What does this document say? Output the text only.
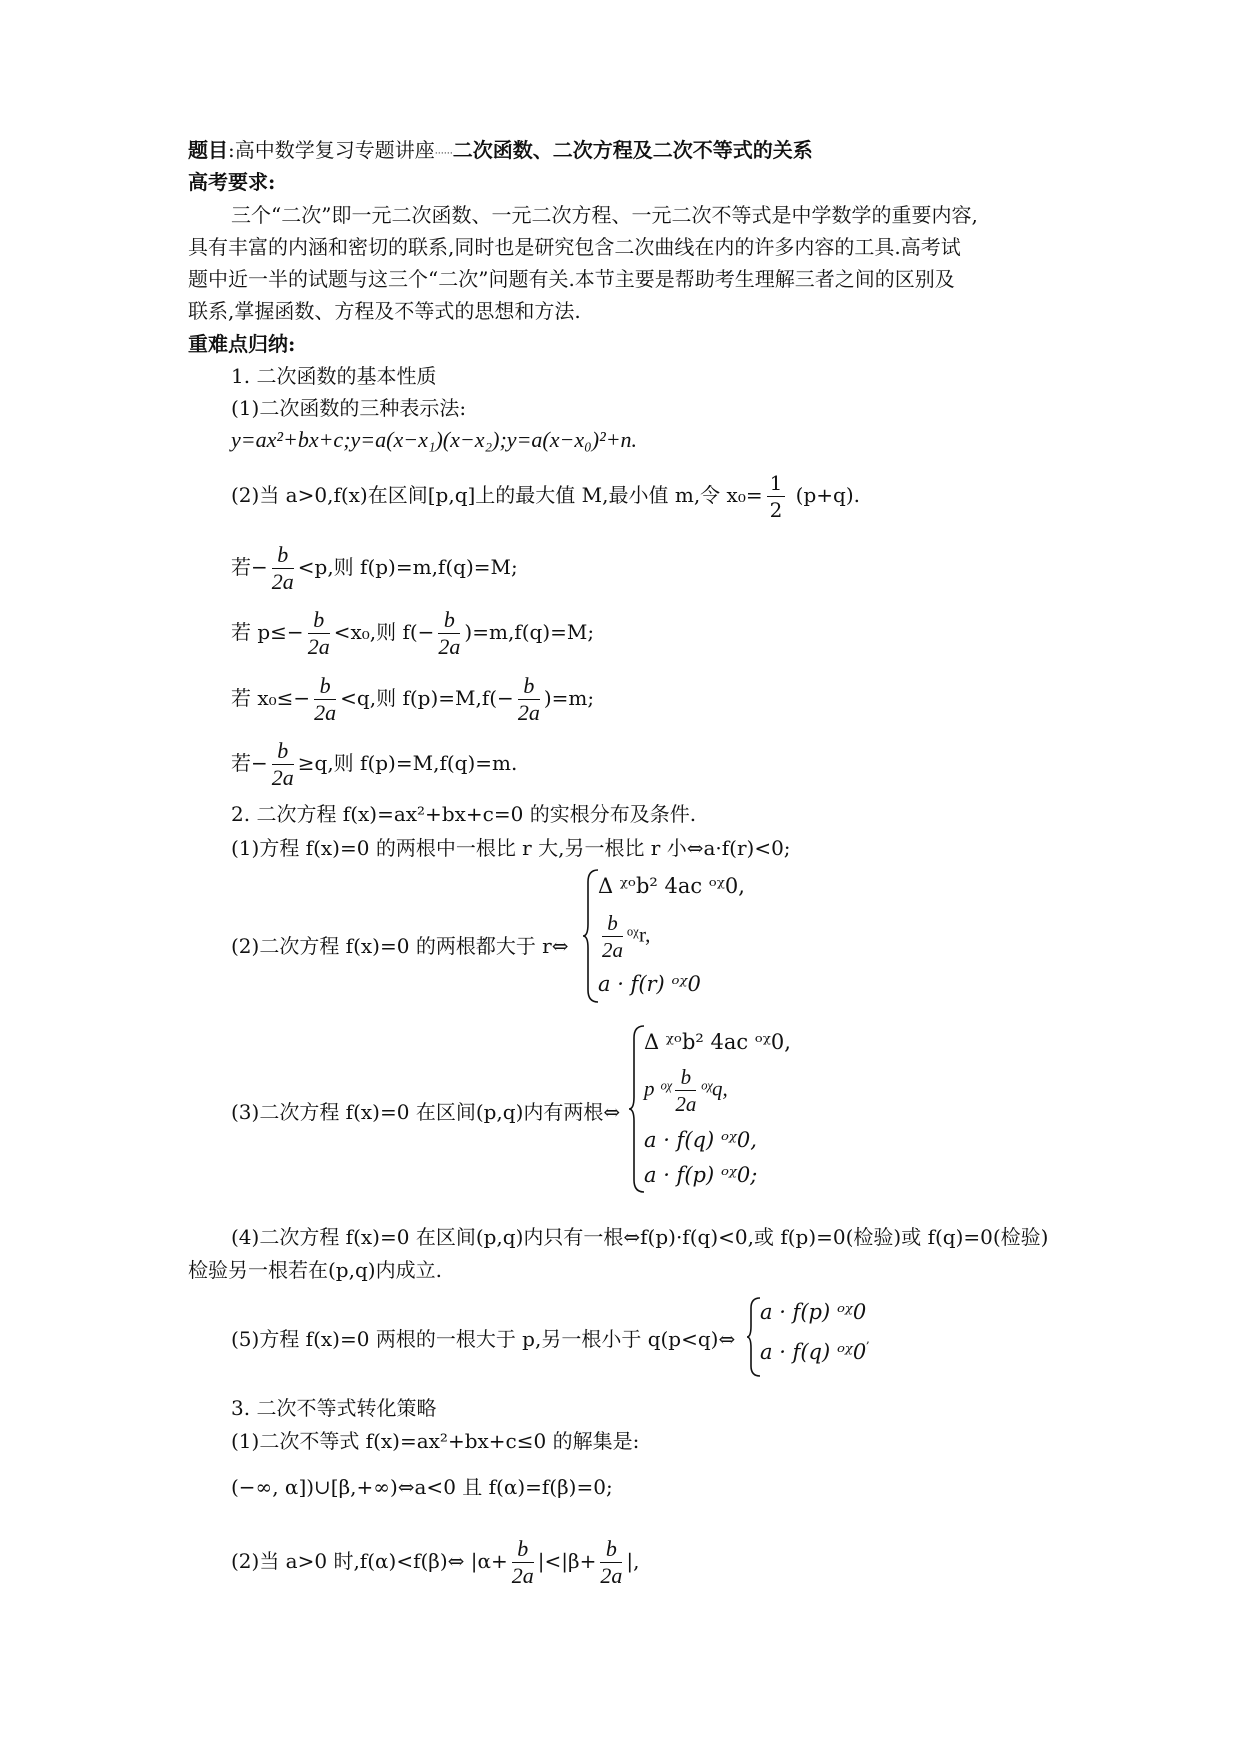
题目:高中数学复习专题讲座……二次函数、二次方程及二次不等式的关系
高考要求:
三个“二次”即一元二次函数、一元二次方程、一元二次不等式是中学数学的重要内容,
具有丰富的内涵和密切的联系,同时也是研究包含二次曲线在内的许多内容的工具.高考试
题中近一半的试题与这三个“二次”问题有关.本节主要是帮助考生理解三者之间的区别及
联系,掌握函数、方程及不等式的思想和方法.
重难点归纳:
1. 二次函数的基本性质
(1)二次函数的三种表示法:
y=ax²+bx+c;y=a(x−x₁)(x−x₂);y=a(x−x₀)²+n.
(2)当 a>0,f(x)在区间[p,q]上的最大值 M,最小值 m,令 $x_0= \frac{1}{2} (p+q)$.
若− $\frac{b}{2a} <p$,则 f(p)=m,f(q)=M;
若 $p\le- \frac{b}{2a} <x_0$,则 $f(- \frac{b}{2a} )=m,f(q)=M$;
若 $x_0\le- \frac{b}{2a} <q$,则 $f(p)=M,f(- \frac{b}{2a} )=m$;
若− $\frac{b}{2a} \ge q$,则 f(p)=M,f(q)=m.
2. 二次方程 f(x)=ax²+bx+c=0 的实根分布及条件.
(1)方程 f(x)=0 的两根中一根比 r 大,另一根比 r 小⇔a·f(r)<0;
(2)二次方程 f(x)=0 的两根都大于 r⇔
Δ ᵡᵒb² 4ac ᵒᵡ0,
$\frac{b}{2a}$ ᵒᵡr,
a · f(r) ᵒᵡ0
(3)二次方程 f(x)=0 在区间(p,q)内有两根⇔
Δ ᵡᵒb² 4ac ᵒᵡ0,
p ᵒᵡ $\frac{b}{2a}$ ᵒᵡq,
a · f(q) ᵒᵡ0,
a · f(p) ᵒᵡ0;
(4)二次方程 f(x)=0 在区间(p,q)内只有一根⇔f(p)·f(q)<0,或 f(p)=0(检验)或 f(q)=0(检验)
检验另一根若在(p,q)内成立.
(5)方程 f(x)=0 两根的一根大于 p,另一根小于 q(p<q)⇔
a · f(p) ᵒᵡ0
a · f(q) ᵒᵡ0
,
3. 二次不等式转化策略
(1)二次不等式 f(x)=ax²+bx+c≤0 的解集是:
(−∞, α])∪[β,+∞)⇔a<0 且 f(α)=f(β)=0;
(2)当 a>0 时,f(α)<f(β)⇔ $|\alpha+ \frac{b}{2a} |<|\beta+ \frac{b}{2a}$ |,
